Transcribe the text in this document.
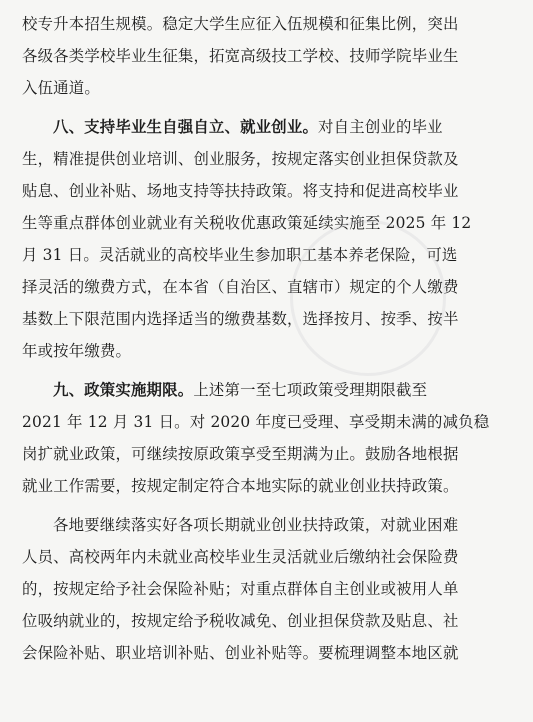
校专升本招生规模。稳定大学生应征入伍规模和征集比例，突出
各级各类学校毕业生征集，拓宽高级技工学校、技师学院毕业生
入伍通道。
八、支持毕业生自强自立、就业创业。对自主创业的毕业
生，精准提供创业培训、创业服务，按规定落实创业担保贷款及
贴息、创业补贴、场地支持等扶持政策。将支持和促进高校毕业
生等重点群体创业就业有关税收优惠政策延续实施至 2025 年 12
月 31 日。灵活就业的高校毕业生参加职工基本养老保险，可选
择灵活的缴费方式，在本省（自治区、直辖市）规定的个人缴费
基数上下限范围内选择适当的缴费基数，选择按月、按季、按半
年或按年缴费。
九、政策实施期限。上述第一至七项政策受理期限截至
2021 年 12 月 31 日。对 2020 年度已受理、享受期未满的减负稳
岗扩就业政策，可继续按原政策享受至期满为止。鼓励各地根据
就业工作需要，按规定制定符合本地实际的就业创业扶持政策。
各地要继续落实好各项长期就业创业扶持政策，对就业困难
人员、高校两年内未就业高校毕业生灵活就业后缴纳社会保险费
的，按规定给予社会保险补贴；对重点群体自主创业或被用人单
位吸纳就业的，按规定给予税收减免、创业担保贷款及贴息、社
会保险补贴、职业培训补贴、创业补贴等。要梳理调整本地区就
